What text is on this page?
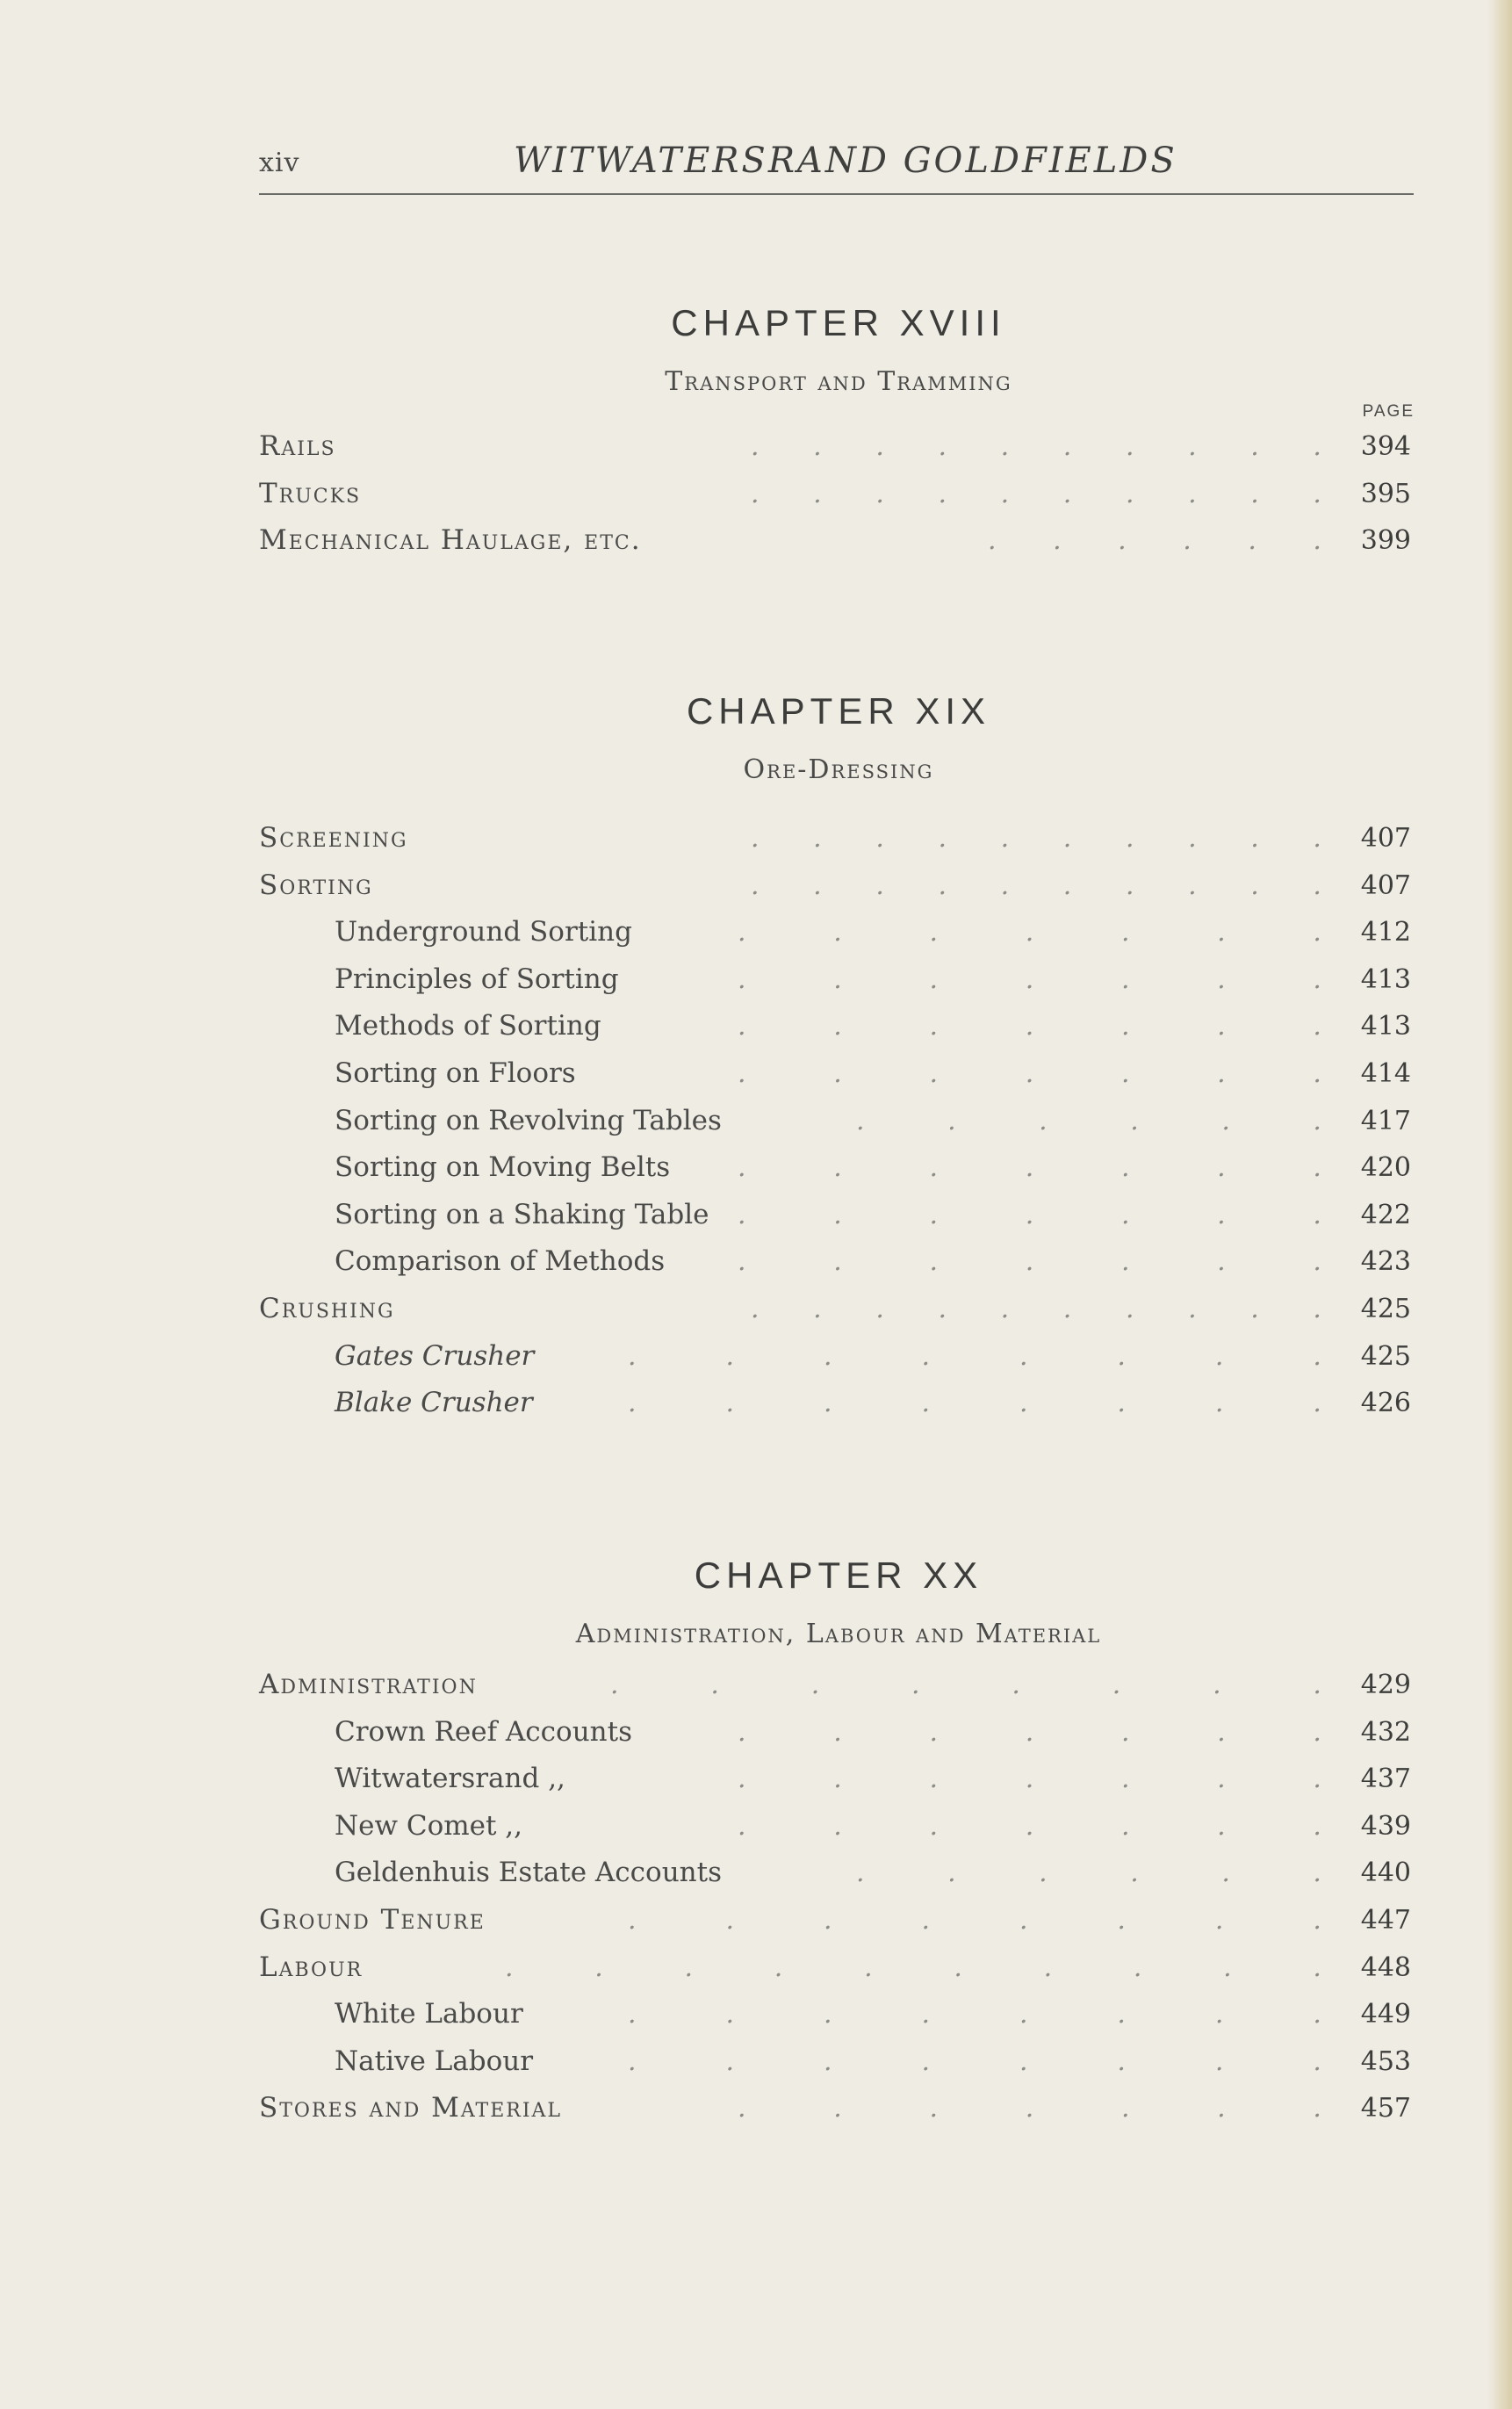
xiv	WITWATERSRAND GOLDFIELDS
CHAPTER XVIII
Transport and Tramming
PAGE
Rails	. . . . . . . . . . 394
Trucks	. . . . . . . . . . 395
Mechanical Haulage, etc.	. . . . . . 399
CHAPTER XIX
Ore-Dressing
Screening	. . . . . . . . . . 407
Sorting	. . . . . . . . . . 407
Underground Sorting	.	.	.	.	.	.	. 412
Principles of Sorting	.	.	.	.	.	.	. 413
Methods of Sorting	.	.	.	.	.	.	. 413
Sorting on Floors	.	.	.	.	.	.	. 414
Sorting on Revolving Tables	.	.	.	.	.	. 417
Sorting on Moving Belts	.	.	.	.	.	.	. 420
Sorting on a Shaking Table .	.	.	.	.	.	. 422
Comparison of Methods	.	.	.	.	.	.	. 423
Crushing	. . . . . . . . . . 425
Gates Crusher	.	.	.	.	.	.	.	. 425
Blake Crusher	.	.	.	.	.	.	.	. 426
CHAPTER XX
Administration, Labour and Material
Administration	.	.	.	.	.	.	.	. 429
Crown Reef Accounts	.	.	.	.	.	.	. 432
Witwatersrand ,,	.	.	.	.	.	.	. 437
New Comet ,,	.	.	.	.	.	.	. 439
Geldenhuis Estate Accounts	.	.	.	.	.	. 440
Ground Tenure	.	.	.	.	.	.	.	. 447
Labour	.	.	.	.	.	.	.	.	.	. 448
White Labour	.	.	.	.	.	.	.	. 449
Native Labour	.	.	.	.	.	.	.	. 453
Stores and Material	.	.	.	.	.	.	. 457
